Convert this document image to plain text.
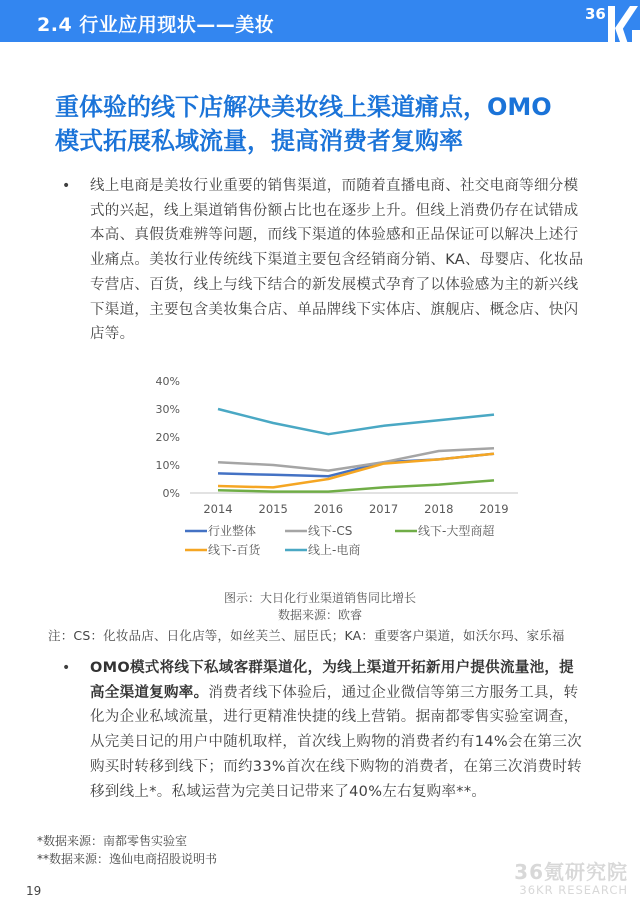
2.4 行业应用现状——美妆	36
重体验的线下店解决美妆线上渠道痛点，OMO
模式拓展私域流量，提高消费者复购率
• 线上电商是美妆行业重要的销售渠道，而随着直播电商、社交电商等细分模
式的兴起，线上渠道销售份额占比也在逐步上升。但线上消费仍存在试错成
本高、真假货难辨等问题，而线下渠道的体验感和正品保证可以解决上述行
业痛点。美妆行业传统线下渠道主要包含经销商分销、KA、母婴店、化妆品
专营店、百货，线上与线下结合的新发展模式孕育了以体验感为主的新兴线
下渠道，主要包含美妆集合店、单品牌线下实体店、旗舰店、概念店、快闪
店等。
0%
10%
20%
30%
40%
2014 2015 2016 2017 2018 2019
行业整体	线下-CS	线下-大型商超
线下-百货	线上-电商
图示：大日化行业渠道销售同比增长
数据来源：欧睿
注：CS：化妆品店、日化店等，如丝芙兰、屈臣氏；KA：重要客户渠道，如沃尔玛、家乐福
• OMO模式将线下私域客群渠道化，为线上渠道开拓新用户提供流量池，提
高全渠道复购率。消费者线下体验后，通过企业微信等第三方服务工具，转
化为企业私域流量，进行更精准快捷的线上营销。据南都零售实验室调查，
从完美日记的用户中随机取样，首次线上购物的消费者约有14%会在第三次
购买时转移到线下；而约33%首次在线下购物的消费者，在第三次消费时转
移到线上*。私域运营为完美日记带来了40%左右复购率**。
*数据来源：南都零售实验室
**数据来源：逸仙电商招股说明书
19
36氪研究院
36KR RESEARCH
